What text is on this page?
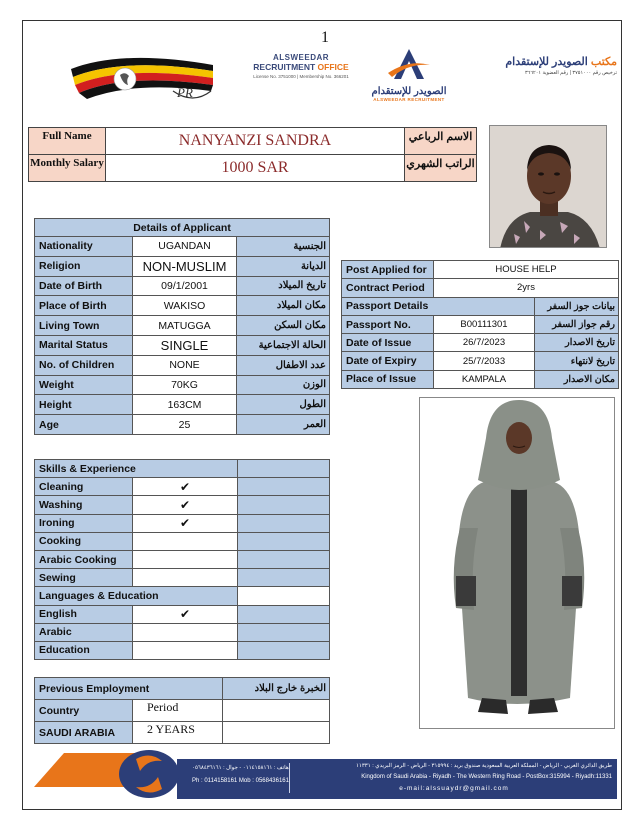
1
PR
ALSWEEDAR
RECRUITMENT OFFICE
License No. 3751000 | Membership No. 366201
الصويدر للإستقدام
ALSWEEDAR RECRUITMENT
مكتب الصويدر للإستقدام
ترخيص رقم ٣٧٥١٠٠٠ | رقم العضوية ٣٦٦٢٠١
Full Name	NANYANZI SANDRA	الاسم الرباعي
Monthly Salary	1000 SAR	الراتب الشهري
Details of Applicant		
Nationality	UGANDAN	الجنسية
Religion	NON-MUSLIM	الديانة
Date of Birth	09/1/2001	تاريخ الميلاد
Place of Birth	WAKISO	مكان الميلاد
Living Town	MATUGGA	مكان السكن
Marital Status	SINGLE	الحالة الاجتماعية
No. of Children	NONE	عدد الاطفال
Weight	70KG	الوزن
Height	163CM	الطول
Age	25	العمر
Post Applied for	HOUSE HELP	
Contract Period	2yrs	
Passport Details		بيانات جوز السفر
Passport No.	B00111301	رقم جواز السفر
Date of Issue	26/7/2023	تاريخ الاصدار
Date of Expiry	25/7/2033	تاريخ لانتهاء
Place of Issue	KAMPALA	مكان الاصدار
Skills & Experience		
Cleaning	✔	
Washing	✔	
Ironing	✔	
Cooking		
Arabic Cooking		
Sewing		
Languages & Education		
English	✔	
Arabic		
Education		
Previous Employment		الخبرة خارج البلاد
Country	Period	
SAUDI ARABIA	2 YEARS	
هاتف : ٠١١٤١٥٨١٦١ - جوال : ٠٥٦٨٤٣٦١٦١
Ph : 0114158161 Mob : 0568436161
طريق الدائري الغربي - الرياض - المملكة العربية السعودية صندوق بريد : ٣١٥٩٩٤ - الرياض - الرمز البريدي : ١١٣٣١
Kingdom of Saudi Arabia - Riyadh - The Western Ring Road - PostBox:315994 - Riyadh:11331
e-mail:alssuaydr@gmail.com
